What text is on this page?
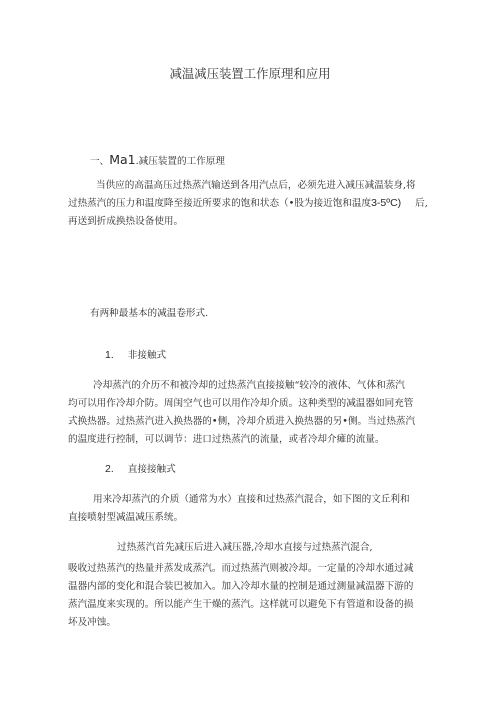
减温减压装置工作原理和应用
一、Ma1.减压装置的工作原理
当供应的高温高压过热蒸汽输送到各用汽点后，必须先进入减压减温装身,将
过热蒸汽的压力和温度降至接近所要求的饱和状态（•股为接近饱和温度3-5ºC) 后,
再送到折成换热设备使用。
有两种最基本的减温卷形式.
1. 非接触式
冷却蒸汽的介历不和被冷却的过热蒸汽直接接触“较冷的液体、气体和蒸汽
均可以用作冷却介防。周闺空气也可以用作冷却介质。这种类型的减温器如同充管
式换热器。过热蒸汽进入换热器的•侧，冷却介质进入换热器的另•侧。当过热蒸汽
的温度进行控制，可以调节：进口过热蒸汽的流量，或者冷却介瘫的流量。
2. 直接接触式
用来冷却蒸汽的介质（通常为水）直接和过热蒸汽混合，如下图的文丘利和
直接喷射型减温减压系统。
过热蒸汽首先减压后进入减压器,冷却水直接与过热蒸汽混合,
吸收过热蒸汽的热量并蒸发成蒸汽。而过热蒸汽则被冷却。一定量的冷却水通过减
温器内部的变化和混合装巴被加入。加入冷却水量的控制是通过测量减温器下游的
蒸汽温度来实现的。所以能产生干燥的蒸汽。这样就可以避免下有管道和设备的损
坏及冲蚀。
